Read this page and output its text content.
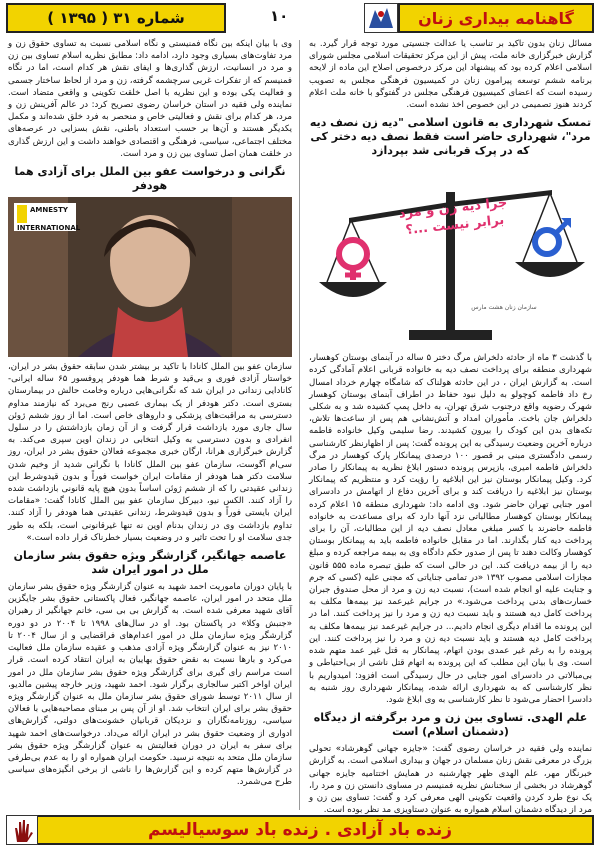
گاهنامه بیداری زنان
۱۰
شماره ۳۱ ( ۱۳۹۵ )

مسائل زنان بدون تاکید بر تناسب یا عدالت جنسیتی مورد توجه قرار گیرد. به گزارش خبرگزاری خانه ملت، پیش از این مرکز تحقیقات اسلامی مجلس شورای اسلامی اعلام کرده بود که پیشنهاد این مرکز درخصوص اصلاح این ماده از لایحه برنامه ششم توسعه پیرامون زنان در کمیسیون فرهنگی مجلس به تصویب رسیده است که اعضای کمیسیون فرهنگی مجلس در گفتوگو با خانه ملت اعلام کردند هنوز تصمیمی در این خصوص اخذ نشده است.

تمسک شهرداری به قانون اسلامی "دیه زن نصف دیه مرد"، شهرداری حاضر است فقط نصف دیه دختر کی که در پرک قربانی شد بپردازد
جرا دیه زن و مرد برابر نیست ...؟
سازمان زنان هشت مارس

با گذشت ۳ ماه از حادثه دلخراش مرگ دختر ۵ ساله در آبنمای بوستان کوهسار، شهرداری منطقه برای پرداخت نصف دیه به خانواده قربانی اعلام آمادگی کرده است. به گزارش ایران ، در این حادثه هولناک که شامگاه چهارم خرداد امسال رخ داد فاطمه کوچولو به دلیل نبود حفاظ در اطراف آبنمای بوستان کوهسار شهرک رضویه واقع درجنوب شرق تهران، به داخل پمپ کشیده شد و به شکلی دلخراش جان باخت. مأموران امداد و آتش‌نشانی هم پس از ساعت‌ها تلاش، تکه‌های بدن این کودک را بیرون کشیدند. رضا سلیمی وکیل خانواده فاطمه درباره آخرین وضعیت رسیدگی به این پرونده گفت: پس از اظهارنظر کارشناسی رسمی دادگستری مبنی بر قصور ۱۰۰ درصدی پیمانکار پارک کوهسار در مرگ دلخراش فاطمه امیری، بازپرس پرونده دستور ابلاغ نظریه به پیمانکار را صادر کرد. وکیل پیمانکار بوستان نیز این ابلاغیه را رؤیت کرد و منتظریم که پیمانکار بوستان نیز ابلاغیه را دریافت کند و برای آخرین دفاع از اتهامش در دادسرای امور جنایی تهران حاضر شود. وی ادامه داد: شهرداری منطقه ۱۵ اعلام کرده پیمانکار بوستان کوهسار مطالباتی نزد آنها دارد که برای مساعدت به خانواده فاطمه حاضرند با کسر مبلغی معادل نصف دیه از این مطالبات، آن را برای پرداخت دیه کنار بگذارند. اما در مقابل خانواده فاطمه باید به پیمانکار بوستان کوهسار وکالت دهند تا پس از صدور حکم دادگاه وی به بیمه مراجعه کرده و مبلغ دیه را از بیمه دریافت کند. این در حالی است که طبق تبصره ماده ۵۵۵ قانون مجازات اسلامی مصوب ۱۳۹۲ «در تمامی جنایاتی که مجنی علیه (کسی که جرم و جنایت علیه او انجام شده است)، نسبت دیه زن و مرد از محل صندوق جبران خسارت‌های بدنی پرداخت می‌شود.» در جرایم غیرعمد نیز بیمه‌ها مکلف به پرداخت کامل دیه هستند و باید نسبت دیه زن و مرد را نیز پرداخت کنند. اما در این پرونده ما اقدام دیگری انجام دادیم... در جرایم غیرعمد نیز بیمه‌ها مکلف به پرداخت کامل دیه هستند و باید نسبت دیه زن و مرد را نیز پرداخت کنند. این پرونده را به رغم غیر عمدی بودن اتهام، پیمانکار به قتل غیر عمد متهم شده است. وی با بیان این مطلب که این پرونده به اتهام قتل ناشی از بی‌احتیاطی و بی‌مبالاتی در دادسرای امور جنایی در حال رسیدگی است افزود: امیدواریم با نظر کارشناسی که به شهرداری ارائه شده، پیمانکار شهرداری روز شنبه به دادسرا احضار می‌شود تا نظر کارشناسی به وی ابلاغ شود.

علم الهدی. تساوی بین زن و مرد برگرفته از دیدگاه (دشمنان اسلام) است

نماینده ولی فقیه در خراسان رضوی گفت: «جایزه جهانی گوهرشاد» تحولی بزرگ در معرفی نقش زنان مسلمان در جهان و بیداری اسلامی است. به گزارش خبرنگار مهر، علم الهدی ظهر چهارشنبه در همایش اختتامیه جایزه جهانی گوهرشاد در بخشی از سخنانش نظریه فمنیسم در مساوی دانستن زن و مرد را، یک نوع طرد کردن واقعیت تکوینی الهی معرفی کرد و گفت: تساوی بین زن و مرد از دیدگاه دشمنان اسلام همواره به عنوان دستاویزی مد نظر بوده است.

وی با بیان اینکه بین نگاه فمنیستی و نگاه اسلامی نسبت به تساوی حقوق زن و مرد تفاوت‌های بسیاری وجود دارد، ادامه داد: مطابق نظریه اسلام تساوی بین زن و مرد در انسانیت، ارزش گذاری‌ها و ایفای نقش هر کدام است، اما در نگاه فمنیسم که از تفکرات غربی سرچشمه گرفته، زن و مرد از لحاظ ساختار جسمی و فعالیت یکی بوده و این نظریه با اصل خلقت تکوینی و واقعی متضاد است. نماینده ولی فقیه در استان خراسان رضوی تصریح کرد: در عالم آفرینش زن و مرد، هر کدام برای نقش و فعالیتی خاص و منحصر به فرد خلق شده‌اند و مکمل یکدیگر هستند و آن‌ها بر حسب استعداد باطنی، نقش بسزایی در عرصه‌های مختلف اجتماعی، سیاسی، فرهنگی و اقتصادی خواهند داشت و این ارزش گذاری در خلقت همان اصل تساوی بین زن و مرد است.

نگرانی و درخواست عفو بین الملل برای آزادی هما هودفر
AMNESTY INTERNATIONAL

سازمان عفو بین الملل کانادا با تاکید بر بیشتر شدن سابقه حقوق بشر در ایران، خواستار آزادی فوری و بی‌قید و شرط هما هودفر پروفسور ۶۵ ساله ایرانی-کانادایی زندانی در ایران شد که نگرانی‌هایی درباره وخامت حالش در بیمارستان بستری است. دکتر هودفر از یک بیماری عصبی رنج می‌برد که نیازمند مداوم دسترسی به مراقبت‌های پزشکی و داروهای خاص است. اما از روز ششم ژوئن سال جاری مورد بازداشت قرار گرفت و از آن زمان بازداشتش را در سلول انفرادی و بدون دسترسی به وکیل انتخابی در زندان اوین سپری می‌کند. به گزارش خبرگزاری هرانا، ارگان خبری مجموعه فعالان حقوق بشر در ایران، روز سی‌ام آگوست، سازمان عفو بین الملل کانادا با نگرانی شدید از وخیم شدن سلامت دکتر هما هودفر از مقامات ایران خواست فوراً و بدون قیدوشرط این زندانی عقیدتی را که از ششم ژوئن اساساً بدون هیچ پایه قانونی بازداشت شده را آزاد کنند. الکس نیو، دبیرکل سازمان عفو بین الملل کانادا گفت: «مقامات ایران بایستی فوراً و بدون قیدوشرط، زندانی عقیدتی هما هودفر را آزاد کنند. تداوم بازداشت وی در زندان بدنام اوین نه تنها غیرقانونی است، بلکه به طور جدی سلامت او را تحت تاثیر و در وضعیت بسیار خطرناک قرار داده است.»

عاصمه جهانگیر، گزارشگر ویژه حقوق بشر سازمان ملل در امور ایران شد

با پایان دوران ماموریت احمد شهید به عنوان گزارشگر ویژه حقوق بشر سازمان ملل متحد در امور ایران، عاصمه جهانگیر، فعال پاکستانی حقوق بشر جایگزین آقای شهید معرفی شده است. به گزارش بی بی سی، خانم جهانگیر از رهبران «جنبش وکلا» در پاکستان بود. او در سال‌های ۱۹۹۸ تا ۲۰۰۴ در دو دوره گزارشگر ویژه سازمان ملل در امور اعدام‌های فراقضایی و از سال ۲۰۰۴ تا ۲۰۱۰ نیز به عنوان گزارشگر ویژه آزادی مذهب و عقیده سازمان ملل فعالیت می‌کرد و بارها نسبت به نقض حقوق بهاییان به ایران انتقاد کرده است. قرار است مراسم رای گیری برای گزارشگر ویژه حقوق بشر سازمان ملل در امور ایران اواخر اکتبر سالجاری برگزار شود. احمد شهید، وزیر خارجه پیشین مالدیو، از سال ۲۰۱۱ توسط شورای حقوق بشر سازمان ملل به عنوان گزارشگر ویژه حقوق بشر برای ایران انتخاب شد. او از آن پس بر مبنای مصاحبه‌هایی با فعالان سیاسی، روزنامه‌نگاران و نزدیکان قربانیان خشونت‌های دولتی، گزارش‌های ادواری از وضعیت حقوق بشر در ایران ارائه می‌داد. درخواست‌های احمد شهید برای سفر به ایران در دوران فعالیتش به عنوان گزارشگر ویژه حقوق بشر سازمان ملل متحد به نتیجه نرسید. حکومت ایران همواره او را به عدم بی‌طرفی در گزارش‌ها متهم کرده و این گزارش‌ها را ناشی از برخی انگیزه‌های سیاسی طرح می‌شمرد.

زنده باد آزادی . زنده باد سوسیالیسم
